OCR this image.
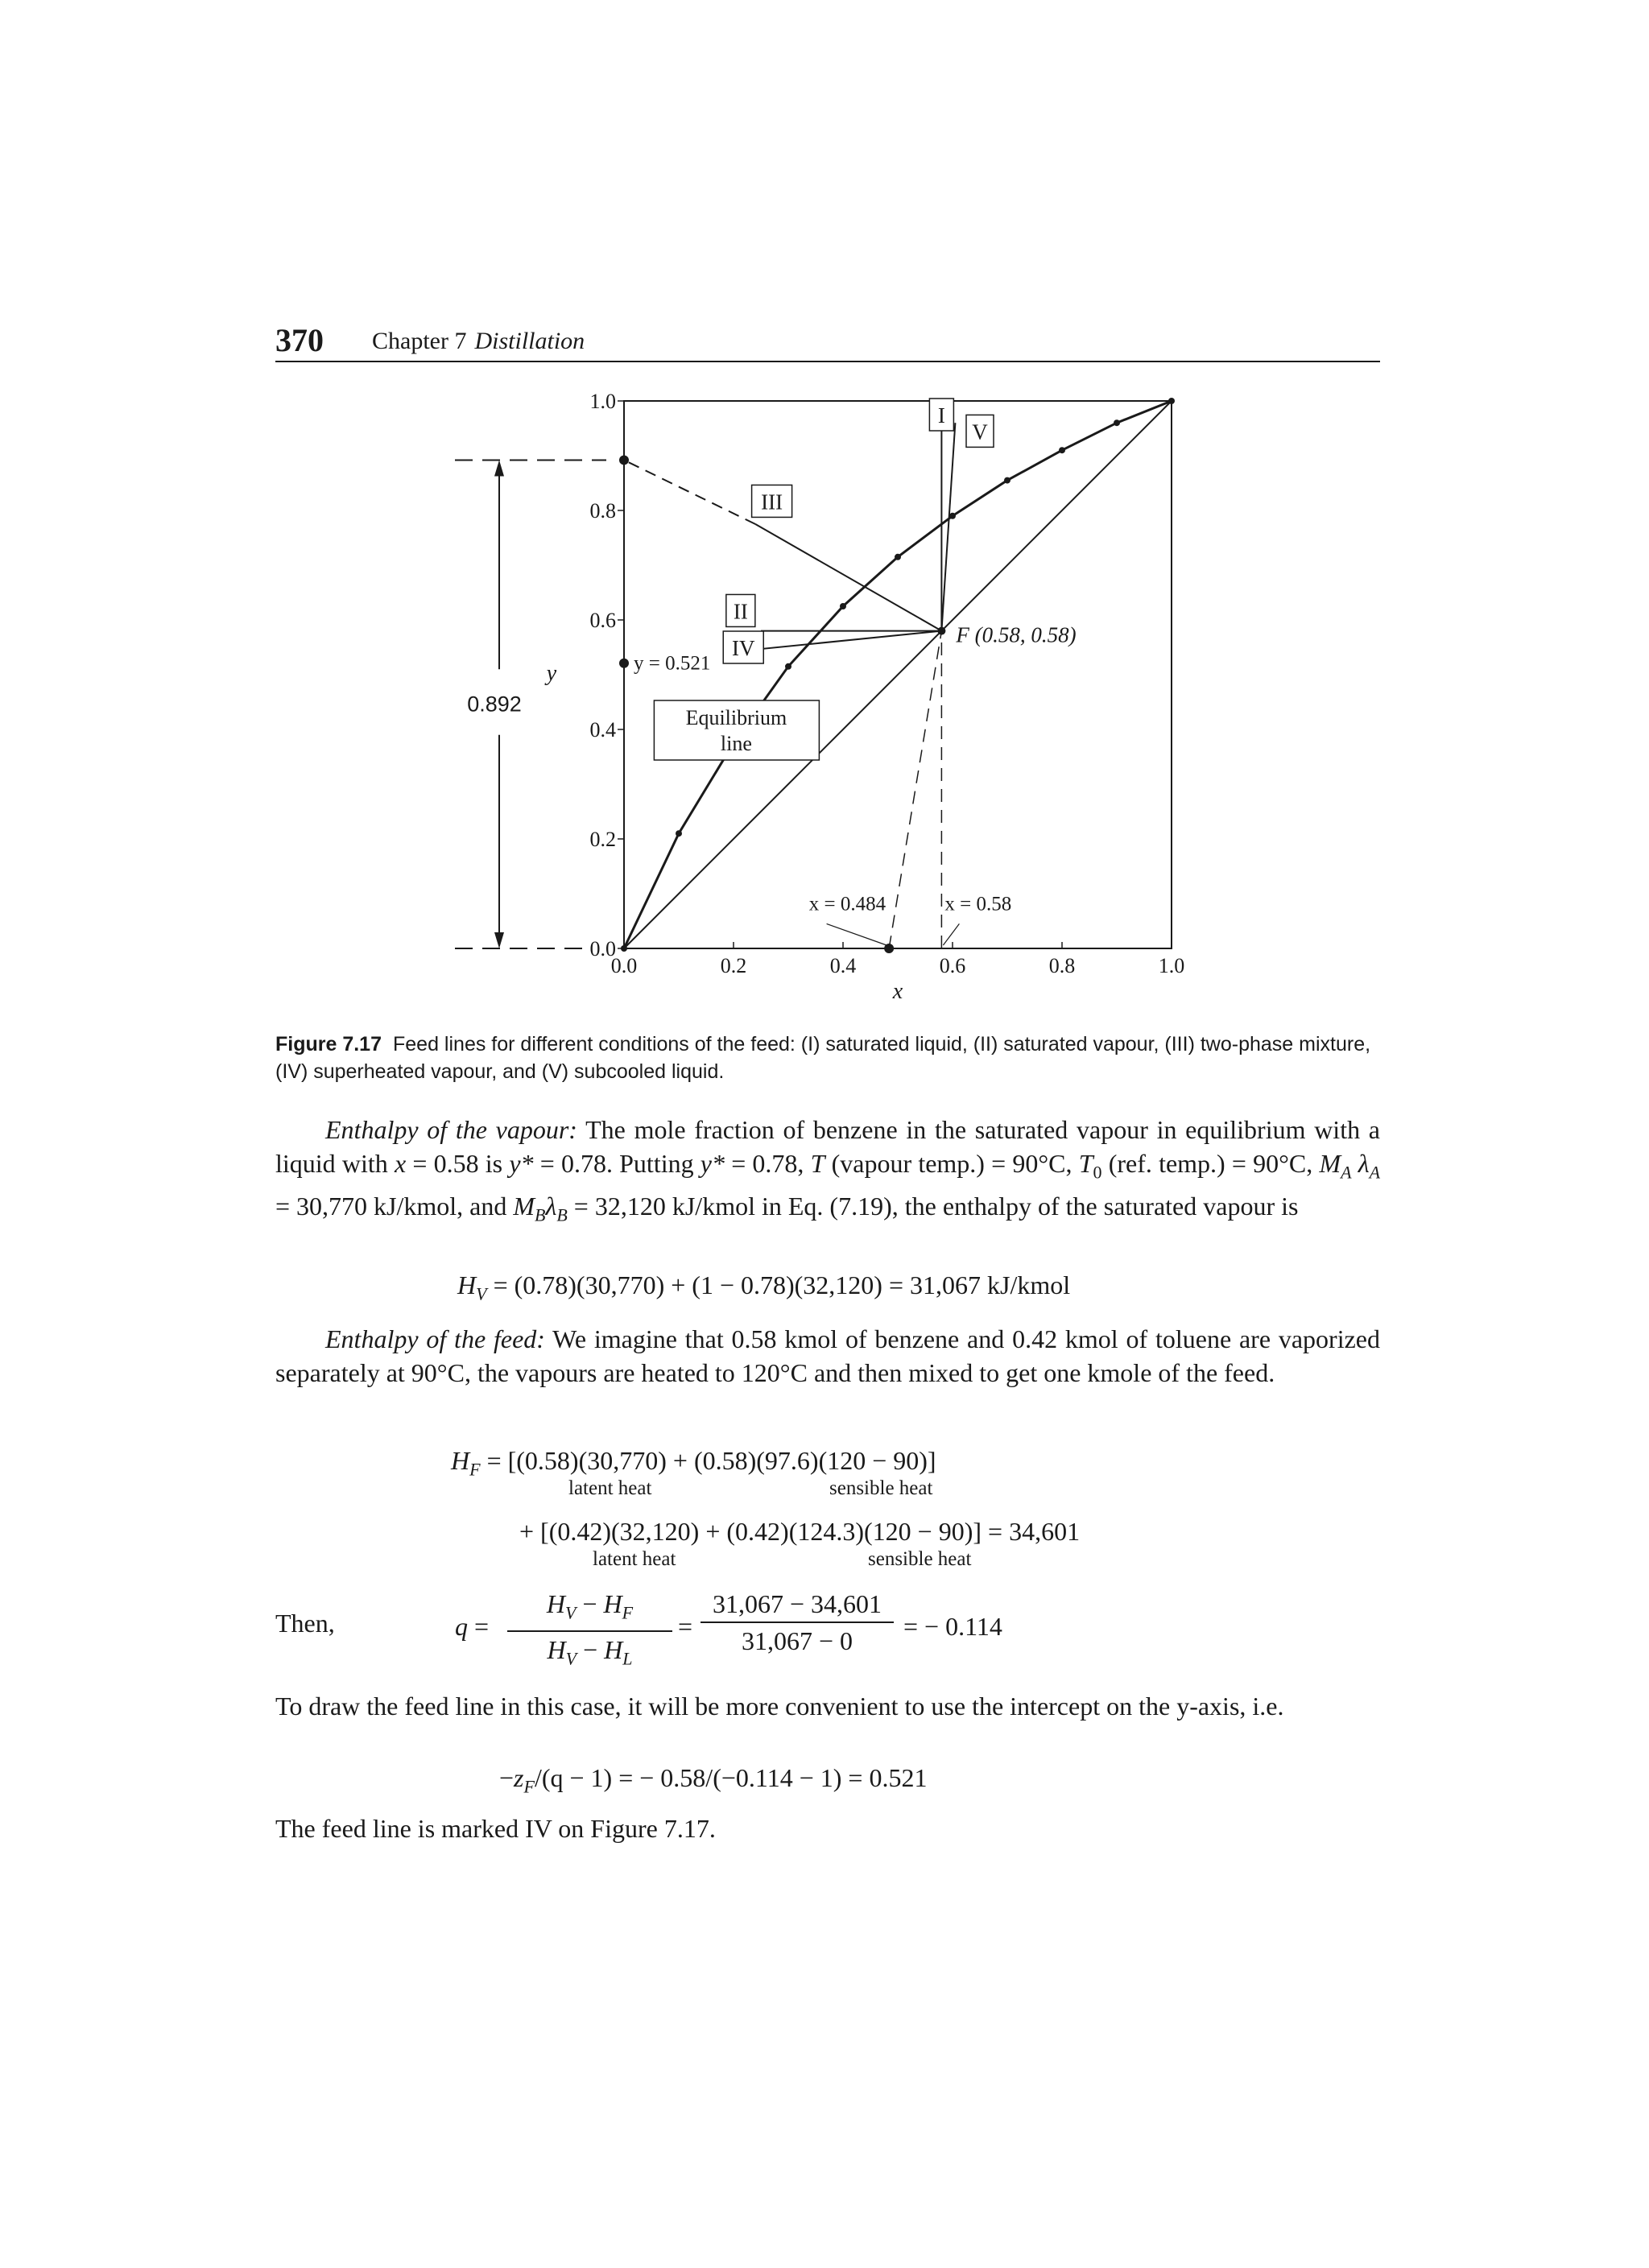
370 Chapter 7 Distillation
0.0	0.2	0.4	0.6	0.8	1.0
0.0
0.2
0.4
0.6
0.8
1.0
x
y
I
V
II
III
IV
Equilibrium
line
F (0.58, 0.58)
y = 0.521
x = 0.484	x = 0.58
0.892
Figure 7.17 Feed lines for different conditions of the feed: (I) saturated liquid, (II) saturated vapour, (III) two-phase mixture, (IV) superheated vapour, and (V) subcooled liquid.
Enthalpy of the vapour: The mole fraction of benzene in the saturated vapour in equilibrium with a liquid with x = 0.58 is y* = 0.78. Putting y* = 0.78, T (vapour temp.) = 90°C, $T_0$ (ref. temp.) = 90°C, $M_A$ $\lambda_A = 30,770$ kJ/kmol, and $M_B\lambda_B = 32,120$ kJ/kmol in Eq. (7.19), the enthalpy of the saturated vapour is
$H_V = (0.78)(30,770) + (1 - 0.78)(32,120) = 31,067$ kJ/kmol
Enthalpy of the feed: We imagine that 0.58 kmol of benzene and 0.42 kmol of toluene are vaporized separately at 90°C, the vapours are heated to 120°C and then mixed to get one kmole of the feed.
$H_F = [(0.58)(30,770) + (0.58)(97.6)(120 - 90)]$
latent heat	sensible heat
+ [(0.42)(32,120) + (0.42)(124.3)(120 − 90)] = 34,601
latent heat	sensible heat
Then,	q =
$H_V - H_F$
$H_V - H_L$
=
31,067 − 34,601
31,067 − 0	= − 0.114
To draw the feed line in this case, it will be more convenient to use the intercept on the y-axis, i.e.
$-z_F/(q - 1)$ = − 0.58/(−0.114 − 1) = 0.521
The feed line is marked IV on Figure 7.17.
